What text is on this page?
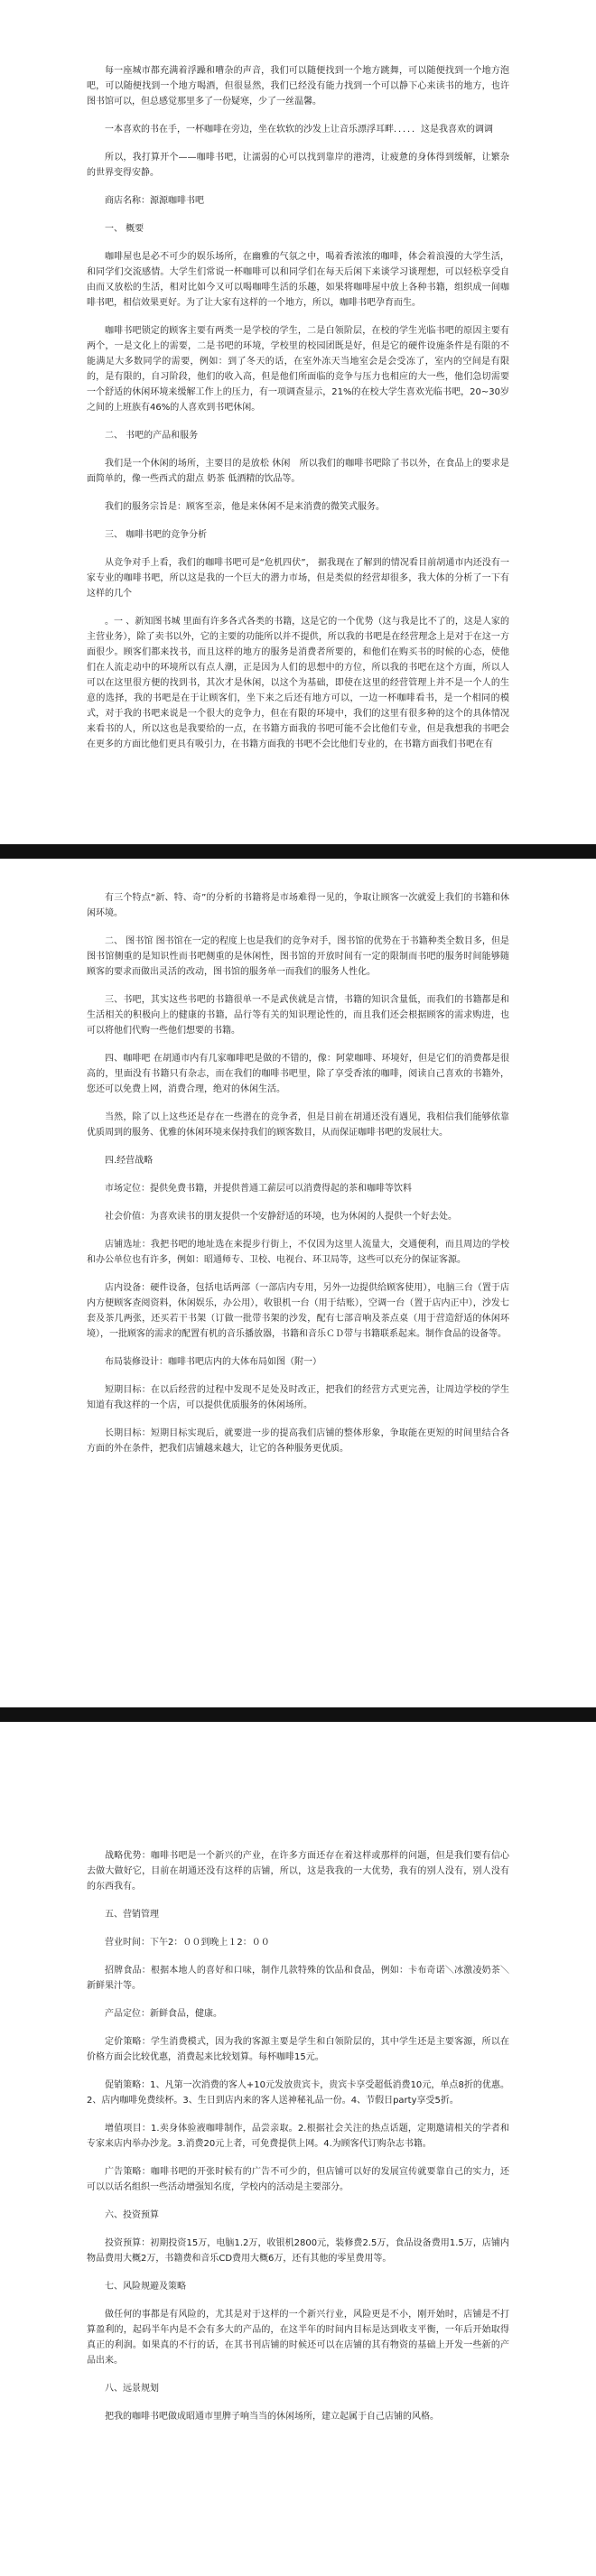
每一座城市都充满着浮躁和嘈杂的声音，我们可以随便找到一个地方跳舞，可以随便找到一个地方泡吧，可以随便找到一个地方喝酒，但很显然，我们已经没有能力找到一个可以静下心来读书的地方，也许图书馆可以，但总感觉那里多了一份疑寒，少了一丝温馨。

一本喜欢的书在手，一杯咖啡在旁边，坐在软软的沙发上让音乐漂浮耳畔．．．．．这是我喜欢的调调

所以，我打算开个——咖啡书吧，让濡弱的心可以找到靠岸的港湾，让疲惫的身体得到缓解，让繁杂的世界变得安静。

商店名称：源源咖啡书吧

一、 概要

咖啡屋也是必不可少的娱乐场所，在幽雅的气氛之中，喝着香浓浓的咖啡，体会着浪漫的大学生活，和同学们交流感情。大学生们常说一杯咖啡可以和同学们在每天后闲下来谈学习谈理想，可以轻松享受自由而又放松的生活，相对比如今又可以喝咖啡生活的乐趣，如果将咖啡屋中放上各种书籍，组织成一间咖啡书吧，相信效果更好。为了让大家有这样的一个地方，所以，咖啡书吧孕育而生。

咖啡书吧锁定的顾客主要有两类一是学校的学生，二是白领阶层，在校的学生光临书吧的原因主要有两个，一是文化上的需要，二是书吧的环境，学校里的校园团既是好，但是它的硬件设施条件是有限的不能满足大多数同学的需要，例如：到了冬天的话，在室外冻天当地室会是会受冻了，室内的空间是有限的，是有限的，自习阶段，他们的收入高，但是他们所面临的竞争与压力也相应的大一些，他们急切需要一个舒适的休闲环境来缓解工作上的压力，有一项调查显示，21%的在校大学生喜欢光临书吧，20~30岁之间的上班族有46%的人喜欢到书吧休闲。

二、 书吧的产品和服务

我们是一个休闲的场所，主要目的是放松 休闲　所以我们的咖啡书吧除了书以外，在食品上的要求是面简单的，像一些西式的甜点 奶茶 低酒精的饮品等。

我们的服务宗旨是：顾客至亲，他是来休闲不是来消费的微笑式服务。

三、 咖啡书吧的竞争分析

从竞争对手上看，我们的咖啡书吧可是“危机四伏”， 据我现在了解到的情况看目前胡通市内还没有一家专业的咖啡书吧，所以这是我的一个巨大的潜力市场，但是类似的经营却很多，我大体的分析了一下有这样的几个

。一 、新知图书城 里面有许多各式各类的书籍，这是它的一个优势（这与我是比不了的，这是人家的主营业务），除了卖书以外，它的主要的功能所以并不提供，所以我的书吧是在经营理念上是对于在这一方面很少。顾客们都来找书，而且这样的地方的服务是消费者所要的，和他们在购买书的时候的心态，使他们在人流走动中的环境所以有点人潮，正是因为人们的思想中的方位，所以我的书吧在这个方面，所以人可以在这里很方便的找到书，其次才是休闲，以这个为基础，即使在这里的经营管理上并不是一个人的生意的选择，我的书吧是在于让顾客们，坐下来之后还有地方可以，一边一杯咖啡看书，是一个相同的模式，对于我的书吧来说是一个很大的竞争力，但在有限的环境中，我们的这里有很多种的这个的具体情况来看书的人，所以这也是我要给的一点，在书籍方面我的书吧可能不会比他们专业，但是我想我的书吧会在更多的方面比他们更具有吸引力，在书籍方面我的书吧不会比他们专业的，在书籍方面我们书吧在有

有三个特点“新、特、奇”的分析的书籍将是市场难得一见的，争取让顾客一次就爱上我们的书籍和休闲环境。

二、 图书馆 图书馆在一定的程度上也是我们的竞争对手，图书馆的优势在于书籍种类全数目多，但是图书馆侧重的是知识性而书吧侧重的是休闲性，图书馆的开放时间有一定的限制而书吧的服务时间能够随顾客的要求而做出灵活的改动，图书馆的服务单一而我们的服务人性化。

三、书吧，其实这些书吧的书籍很单一不是武侠就是言情，书籍的知识含量低，而我们的书籍都是和生活相关的积极向上的健康的书籍，品行等有关的知识理论性的，而且我们还会根据顾客的需求购进，也可以将他们代购一些他们想要的书籍。

四、咖啡吧 在胡通市内有几家咖啡吧是做的不错的，像：阿蒙咖啡、环境好，但是它们的消费都是很高的，里面没有书籍只有杂志，而在我们的咖啡书吧里，除了享受香浓的咖啡，阅读自己喜欢的书籍外，您还可以免费上网，消费合理，绝对的休闲生活。

当然，除了以上这些还是存在一些潜在的竞争者，但是目前在胡通还没有遇见，我相信我们能够依靠优质周到的服务、优雅的休闲环境来保持我们的顾客数目，从而保证咖啡书吧的发展壮大。

四.经营战略

市场定位：提供免费书籍，并提供普通工薪层可以消费得起的茶和咖啡等饮料

社会价值：为喜欢读书的朋友提供一个安静舒适的环境，也为休闲的人提供一个好去处。

店铺选址：我把书吧的地址选在来提步行街上，不仅因为这里人流量大，交通便利，而且周边的学校和办公单位也有许多，例如：昭通师专、卫校、电视台、环卫局等，这些可以充分的保证客源。

店内设备：硬件设备，包括电话两部（一部店内专用，另外一边提供给顾客使用），电脑三台（置于店内方便顾客查阅资料，休闲娱乐，办公用），收银机一台（用于结账），空调一台（置于店内正中），沙发七套及茶几两张，还买若干书架（订做一批带书架的沙发，配有七部音响及茶点桌（用于营造舒适的休闲环境），一批顾客的需求的配置有机的音乐播放器，书籍和音乐ＣＤ带与书籍联系起来。制作食品的设备等。

布局装修设计：咖啡书吧店内的大体布局如图（附一）

短期目标：在以后经营的过程中发现不足处及时改正，把我们的经营方式更完善，让周边学校的学生知道有我这样的一个店，可以提供优质服务的休闲场所。

长期目标：短期目标实现后，就要进一步的提高我们店铺的整体形象，争取能在更短的时间里结合各方面的外在条件，把我们店铺越来越大，让它的各种服务更优质。

战略优势：咖啡书吧是一个新兴的产业，在许多方面还存在着这样或那样的问题，但是我们要有信心去做大做好它，目前在胡通还没有这样的店铺，所以，这是我我的一大优势，我有的别人没有，别人没有的东西我有。

五、营销管理

营业时间：下午2：００到晚上１2：００

招牌食品：根据本地人的喜好和口味，制作几款特殊的饮品和食品，例如：卡布奇诺＼冰激凌奶茶＼新鲜果汁等。

产品定位：新鲜食品，健康。

定价策略：学生消费模式，因为我的客源主要是学生和白领阶层的，其中学生还是主要客源，所以在价格方面会比较优惠，消费起来比较划算。每杯咖啡15元。

促销策略：1、凡第一次消费的客人+10元发放贵宾卡，贵宾卡享受超低消费10元，单点8折的优惠。2、店内咖啡免费续杯。3、生日到店内来的客人送神秘礼品一份。4、节假日party享受5折。

增值项目：1.卖身体验液咖啡制作，品尝亲取。2.根据社会关注的热点话题，定期邀请相关的学者和专家来店内举办沙龙。3.消费20元上者，可免费提供上网。4.为顾客代订购杂志书籍。

广告策略：咖啡书吧的开张时候有的广告不可少的，但店铺可以好的发展宣传就要靠自己的实力，还可以以话名组织一些活动增强知名度，学校内的活动是主要部分。

六、投资预算

投资预算：初期投资15万，电脑1.2万，收银机2800元，装修费2.5万，食品设备费用1.5万，店铺内物品费用大概2万，书籍费和音乐CD费用大概6万，还有其他的零星费用等。

七、风险规避及策略

做任何的事都是有风险的，尤其是对于这样的一个新兴行业，风险更是不小，刚开始时，店铺是不打算盈利的，起码半年内是不会有多大的产品的，在这半年的时间内目标是达到收支平衡，一年后开始取得真正的利润。如果真的不行的话，在其书刊店铺的时候还可以在店铺的其有物资的基础上开发一些新的产品出来。

八、远景规划

把我的咖啡书吧做成昭通市里脾子响当当的休闲场所，建立起属于自己店铺的风格。
